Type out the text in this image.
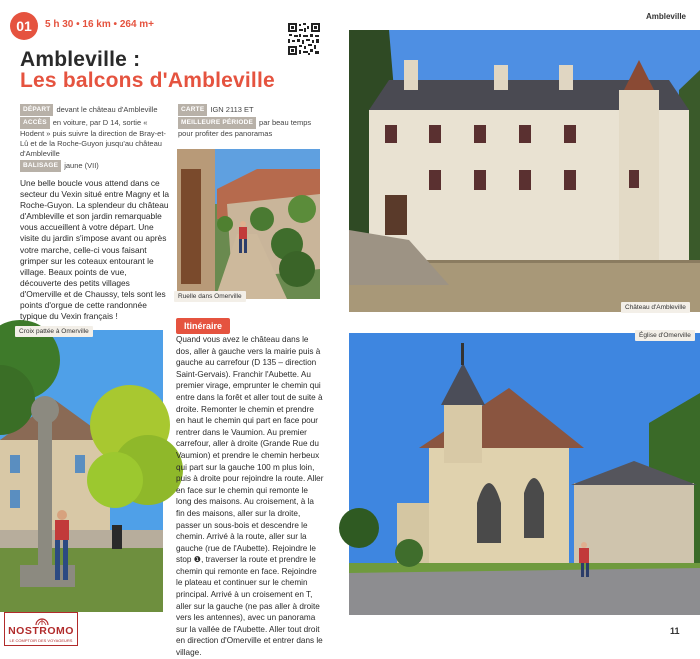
01 5 h 30 • 16 km • 264 m+
Ambleville :
Les balcons d'Ambleville
Ambleville
DÉPART devant le château d'Ambleville
ACCÈS en voiture, par D 14, sortie « Hodent » puis suivre la direction de Bray-et-Lû et de la Roche-Guyon jusqu'au château d'Ambleville
BALISAGE jaune (VII)
CARTE IGN 2113 ET
MEILLEURE PÉRIODE par beau temps pour profiter des panoramas
Une belle boucle vous attend dans ce secteur du Vexin situé entre Magny et la Roche-Guyon. La splendeur du château d'Ambleville et son jardin remarquable vous accueillent à votre départ. Une visite du jardin s'impose avant ou après votre marche, celle-ci vous faisant grimper sur les coteaux entourant le village. Beaux points de vue, découverte des petits villages d'Omerville et de Chaussy, tels sont les points d'orgue de cette randonnée typique du Vexin français !
Ruelle dans Omerville
Croix pattée à Omerville
Itinéraire
Quand vous avez le château dans le dos, aller à gauche vers la mairie puis à gauche au carrefour (D 135 – direction Saint-Gervais). Franchir l'Aubette. Au premier virage, emprunter le chemin qui entre dans la forêt et aller tout de suite à droite. Remonter le chemin et prendre en haut le chemin qui part en face pour rentrer dans le Vaumion. Au premier carrefour, aller à droite (Grande Rue du Vaumion) et prendre le chemin herbeux qui part sur la gauche 100 m plus loin, puis à droite pour rejoindre la route. Aller en face sur le chemin qui remonte le long des maisons. Au croisement, à la fin des maisons, aller sur la droite, passer un sous-bois et descendre le chemin. Arrivé à la route, aller sur la gauche (rue de l'Aubette). Rejoindre le stop ❶, traverser la route et prendre le chemin qui remonte en face. Rejoindre le plateau et continuer sur le chemin principal. Arrivé à un croisement en T, aller sur la gauche (ne pas aller à droite vers les antennes), avec un panorama sur la vallée de l'Aubette. Aller tout droit en direction d'Omerville et entrer dans le village.
Château d'Ambleville
Église d'Omerville
11
NOSTROMO
LE COMPTOIR DES VOYAGEURS
